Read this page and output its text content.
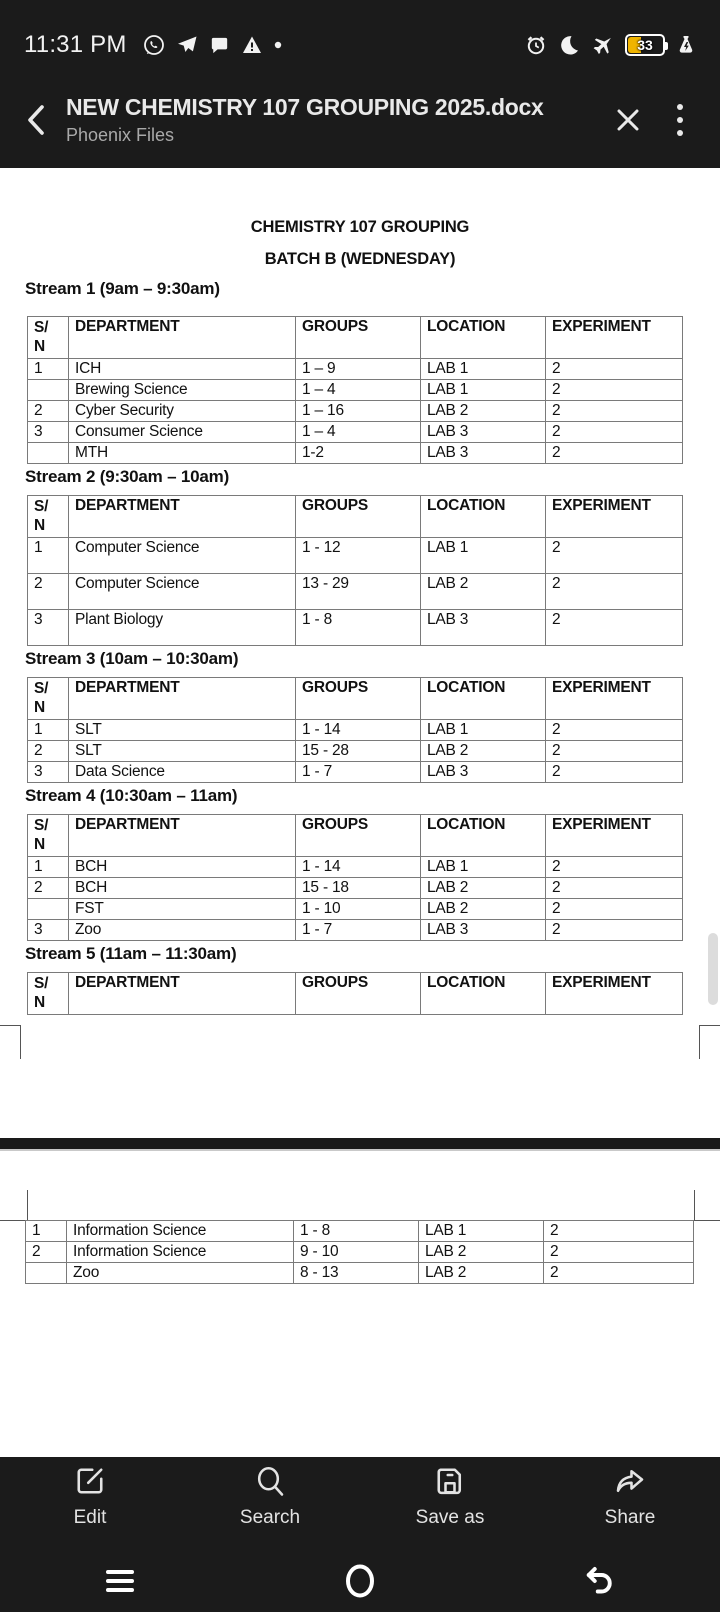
11:31 PM	33
NEW CHEMISTRY 107 GROUPING 2025.docx
Phoenix Files
CHEMISTRY 107 GROUPING
BATCH B (WEDNESDAY)
Stream 1 (9am – 9:30am)
S/N	DEPARTMENT	GROUPS	LOCATION	EXPERIMENT
1	ICH	1 – 9	LAB 1	2
	Brewing Science	1 – 4	LAB 1	2
2	Cyber Security	1 – 16	LAB 2	2
3	Consumer Science	1 – 4	LAB 3	2
	MTH	1-2	LAB 3	2
Stream 2 (9:30am – 10am)
S/N	DEPARTMENT	GROUPS	LOCATION	EXPERIMENT
1	Computer Science	1 - 12	LAB 1	2
2	Computer Science	13 - 29	LAB 2	2
3	Plant Biology	1 - 8	LAB 3	2
Stream 3 (10am – 10:30am)
S/N	DEPARTMENT	GROUPS	LOCATION	EXPERIMENT
1	SLT	1 - 14	LAB 1	2
2	SLT	15 - 28	LAB 2	2
3	Data Science	1 - 7	LAB 3	2
Stream 4 (10:30am – 11am)
S/N	DEPARTMENT	GROUPS	LOCATION	EXPERIMENT
1	BCH	1 - 14	LAB 1	2
2	BCH	15 - 18	LAB 2	2
	FST	1 - 10	LAB 2	2
3	Zoo	1 - 7	LAB 3	2
Stream 5 (11am – 11:30am)
S/N	DEPARTMENT	GROUPS	LOCATION	EXPERIMENT
1	Information Science	1 - 8	LAB 1	2
2	Information Science	9 - 10	LAB 2	2
	Zoo	8 - 13	LAB 2	2
Edit	Search	Save as	Share
